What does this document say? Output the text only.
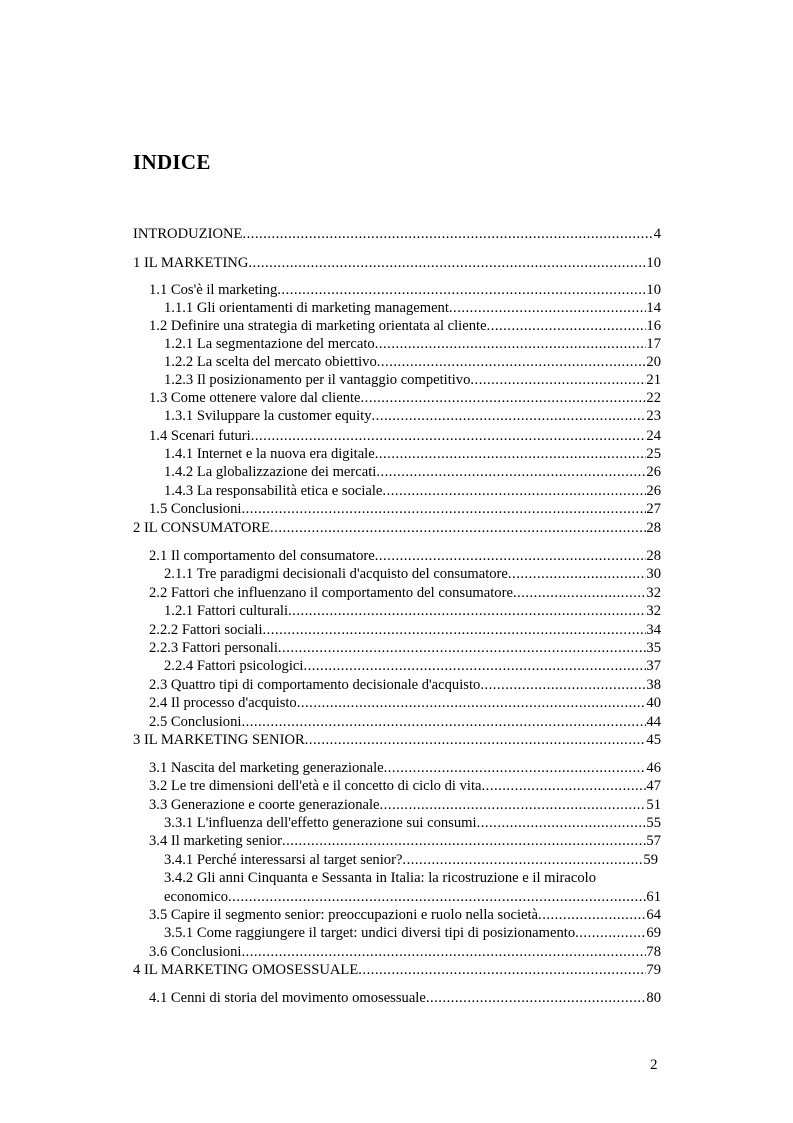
INDICE
INTRODUZIONE .....	4
1 IL MARKETING .....	10
1.1 Cos'è il marketing .....	10
1.1.1 Gli orientamenti di marketing management .....	14
1.2 Definire una strategia di marketing orientata al cliente .....	16
1.2.1 La segmentazione del mercato .....	17
1.2.2 La scelta del mercato obiettivo .....	20
1.2.3 Il posizionamento per il vantaggio competitivo .....	21
1.3 Come ottenere valore dal cliente .....	22
1.3.1 Sviluppare la customer equity .....	23
1.4 Scenari futuri .....	24
1.4.1 Internet e la nuova era digitale .....	25
1.4.2 La globalizzazione dei mercati .....	26
1.4.3 La responsabilità etica e sociale .....	26
1.5 Conclusioni .....	27
2 IL CONSUMATORE .....	28
2.1 Il comportamento del consumatore .....	28
2.1.1 Tre paradigmi decisionali d'acquisto del consumatore .....	30
2.2 Fattori che influenzano il comportamento del consumatore .....	32
1.2.1 Fattori culturali .....	32
2.2.2 Fattori sociali .....	34
2.2.3 Fattori personali .....	35
2.2.4 Fattori psicologici .....	37
2.3 Quattro tipi di comportamento decisionale d'acquisto .....	38
2.4 Il processo d'acquisto .....	40
2.5 Conclusioni .....	44
3 IL MARKETING SENIOR .....	45
3.1 Nascita del marketing generazionale .....	46
3.2 Le tre dimensioni dell'età e il concetto di ciclo di vita .....	47
3.3 Generazione e coorte generazionale .....	51
3.3.1 L'influenza dell'effetto generazione sui consumi .....	55
3.4 Il marketing senior .....	57
3.4.1 Perché interessarsi al target senior? .....	59
3.4.2 Gli anni Cinquanta e Sessanta in Italia: la ricostruzione e il miracolo
economico .....	61
3.5 Capire il segmento senior: preoccupazioni e ruolo nella società .....	64
3.5.1 Come raggiungere il target: undici diversi tipi di posizionamento .....	69
3.6 Conclusioni .....	78
4 IL MARKETING OMOSESSUALE .....	79
4.1 Cenni di storia del movimento omosessuale .....	80
2
